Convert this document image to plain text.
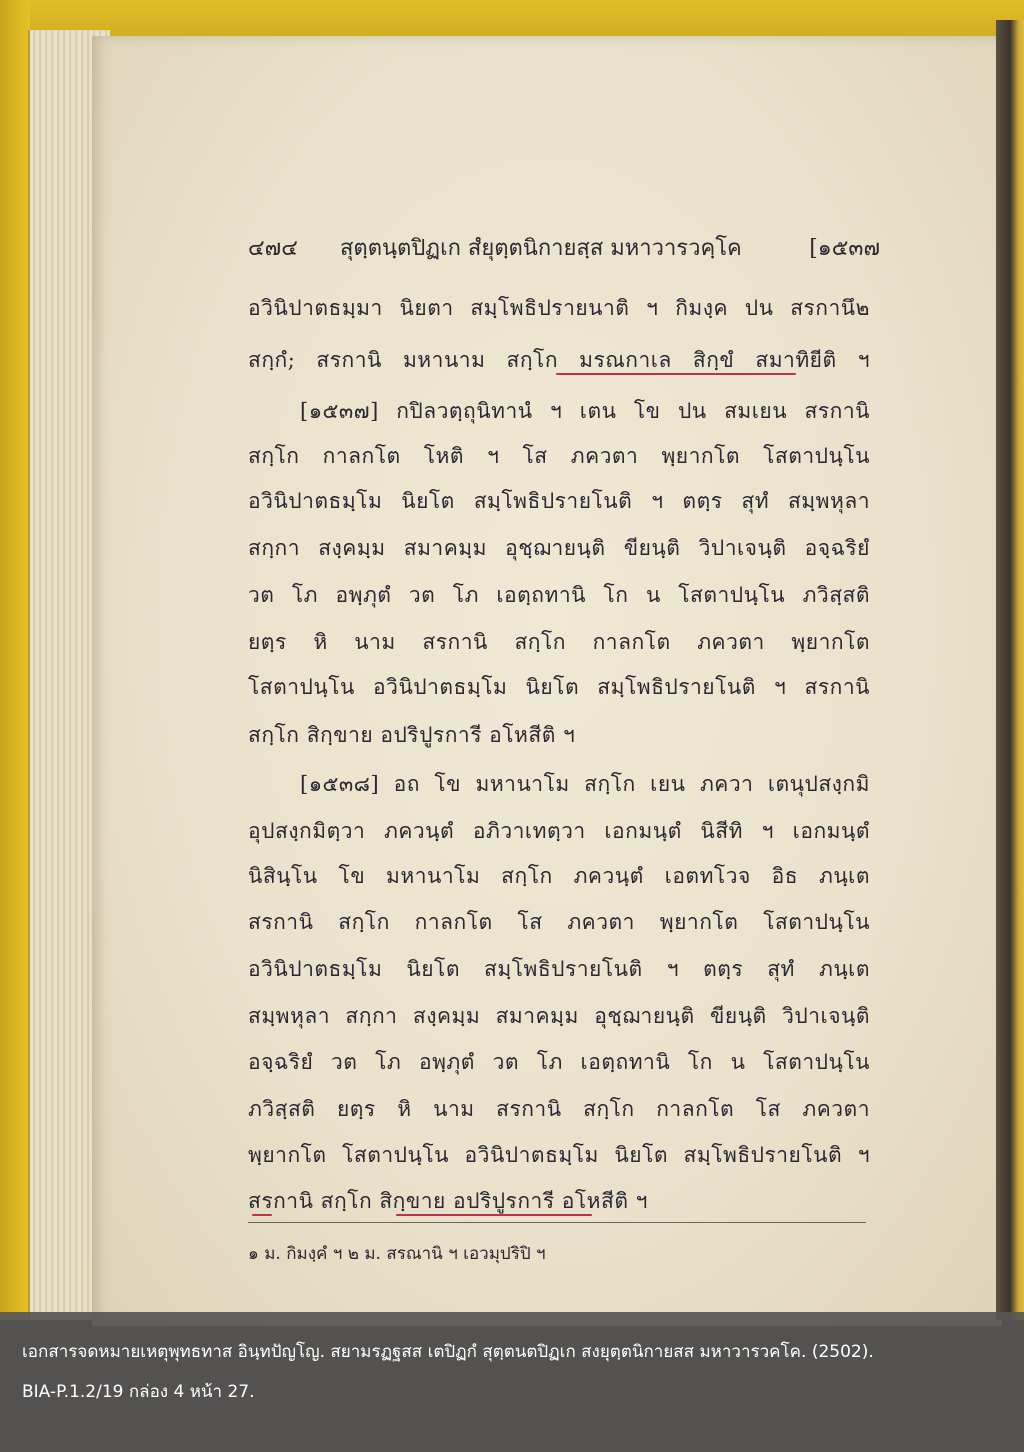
๔๗๔ สุตฺตนฺตปิฏเก สํยุตฺตนิกายสฺส มหาวารวคฺโค	[๑๕๓๗
อวินิปาตธมฺมา นิยตา สมฺโพธิปรายนาติ ฯ กิมงฺค ปน สรกานึ๒
สกฺกํ; สรกานิ มหานาม สกฺโก มรณกาเล สิกฺขํ สมาทิยีติ ฯ
[๑๕๓๗] กปิลวตฺถุนิทานํ ฯ เตน โข ปน สมเยน สรกานิ
สกฺโก กาลกโต โหติ ฯ โส ภควตา พฺยากโต โสตาปนฺโน
อวินิปาตธมฺโม นิยโต สมฺโพธิปรายโนติ ฯ ตตฺร สุทํ สมฺพหุลา
สกฺกา สงฺคมฺม สมาคมฺม อุชฺฌายนฺติ ขียนฺติ วิปาเจนฺติ อจฺฉริยํ
วต โภ อพฺภุตํ วต โภ เอตฺถทานิ โก น โสตาปนฺโน ภวิสฺสติ
ยตฺร หิ นาม สรกานิ สกฺโก กาลกโต ภควตา พฺยากโต
โสตาปนฺโน อวินิปาตธมฺโม นิยโต สมฺโพธิปรายโนติ ฯ สรกานิ
สกฺโก สิกฺขาย อปริปูรการี อโหสีติ ฯ
[๑๕๓๘] อถ โข มหานาโม สกฺโก เยน ภควา เตนุปสงฺกมิ
อุปสงฺกมิตฺวา ภควนฺตํ อภิวาเทตฺวา เอกมนฺตํ นิสีทิ ฯ เอกมนฺตํ
นิสินฺโน โข มหานาโม สกฺโก ภควนฺตํ เอตทโวจ อิธ ภนฺเต
สรกานิ สกฺโก กาลกโต โส ภควตา พฺยากโต โสตาปนฺโน
อวินิปาตธมฺโม นิยโต สมฺโพธิปรายโนติ ฯ ตตฺร สุทํ ภนฺเต
สมฺพหุลา สกฺกา สงฺคมฺม สมาคมฺม อุชฺฌายนฺติ ขียนฺติ วิปาเจนฺติ
อจฺฉริยํ วต โภ อพฺภุตํ วต โภ เอตฺถทานิ โก น โสตาปนฺโน
ภวิสฺสติ ยตฺร หิ นาม สรกานิ สกฺโก กาลกโต โส ภควตา
พฺยากโต โสตาปนฺโน อวินิปาตธมฺโม นิยโต สมฺโพธิปรายโนติ ฯ
สรกานิ สกฺโก สิกฺขาย อปริปูรการี อโหสีติ ฯ
๑ ม. กิมงฺคํ ฯ ๒ ม. สรณานิ ฯ เอวมุปริปิ ฯ
เอกสารจดหมายเหตุพุทธทาส อินฺทปัญโญ. สยามรฏฐสส เตปิฏกํ สุตฺตนตปิฏเก สงยุตฺตนิกายสส มหาวารวคโค. (2502).
BIA-P.1.2/19 กล่อง 4 หน้า 27.
